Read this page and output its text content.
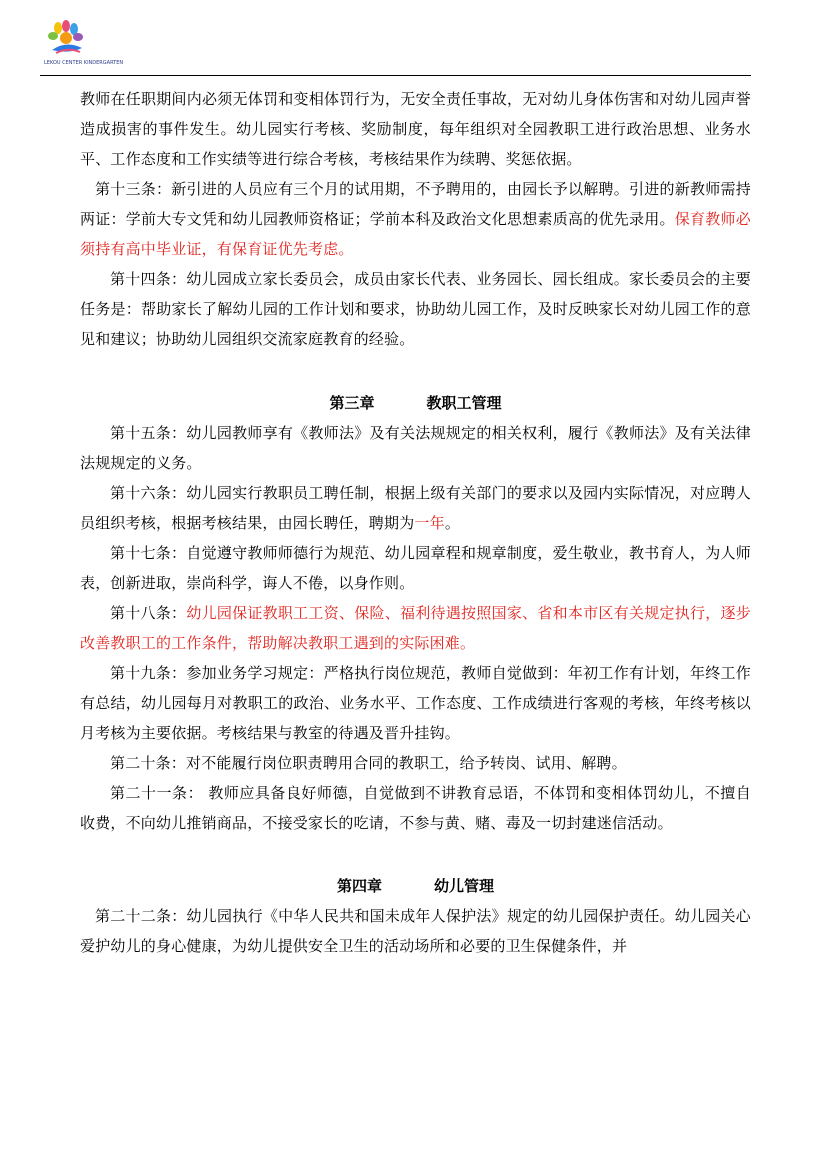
LEKOU CENTER KINDERGARTEN

教师在任职期间内必须无体罚和变相体罚行为，无安全责任事故，无对幼儿身体伤害和对幼儿园声誉造成损害的事件发生。幼儿园实行考核、奖励制度，每年组织对全园教职工进行政治思想、业务水平、工作态度和工作实绩等进行综合考核，考核结果作为续聘、奖惩依据。

第十三条：新引进的人员应有三个月的试用期，不予聘用的，由园长予以解聘。引进的新教师需持两证：学前大专文凭和幼儿园教师资格证；学前本科及政治文化思想素质高的优先录用。保育教师必须持有高中毕业证，有保育证优先考虑。

第十四条：幼儿园成立家长委员会，成员由家长代表、业务园长、园长组成。家长委员会的主要任务是：帮助家长了解幼儿园的工作计划和要求，协助幼儿园工作，及时反映家长对幼儿园工作的意见和建议；协助幼儿园组织交流家庭教育的经验。

第三章	教职工管理

第十五条：幼儿园教师享有《教师法》及有关法规规定的相关权利，履行《教师法》及有关法律法规规定的义务。

第十六条：幼儿园实行教职员工聘任制，根据上级有关部门的要求以及园内实际情况，对应聘人员组织考核，根据考核结果，由园长聘任，聘期为一年。

第十七条：自觉遵守教师师德行为规范、幼儿园章程和规章制度，爱生敬业，教书育人，为人师表，创新进取，崇尚科学，诲人不倦，以身作则。

第十八条：幼儿园保证教职工工资、保险、福利待遇按照国家、省和本市区有关规定执行，逐步改善教职工的工作条件，帮助解决教职工遇到的实际困难。

第十九条：参加业务学习规定：严格执行岗位规范，教师自觉做到：年初工作有计划，年终工作有总结，幼儿园每月对教职工的政治、业务水平、工作态度、工作成绩进行客观的考核，年终考核以月考核为主要依据。考核结果与教室的待遇及晋升挂钩。

第二十条：对不能履行岗位职责聘用合同的教职工，给予转岗、试用、解聘。

第二十一条： 教师应具备良好师德，自觉做到不讲教育忌语，不体罚和变相体罚幼儿，不擅自收费，不向幼儿推销商品，不接受家长的吃请，不参与黄、赌、毒及一切封建迷信活动。

第四章	幼儿管理

第二十二条：幼儿园执行《中华人民共和国未成年人保护法》规定的幼儿园保护责任。幼儿园关心爱护幼儿的身心健康，为幼儿提供安全卫生的活动场所和必要的卫生保健条件，并
